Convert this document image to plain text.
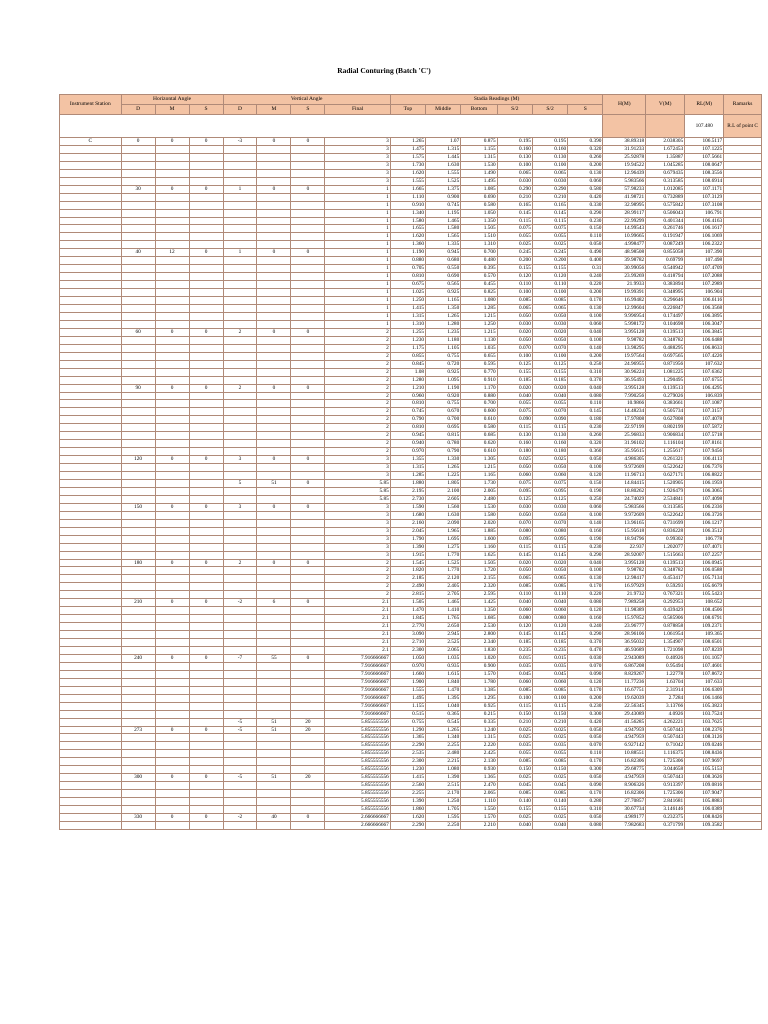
Radial Conturing (Batch 'C')
Instrument Station	Horizontal Angle			Vertical Angle				Stadia Readings (M)						H(M)	V(M)	RL(M)	Ramarks
	D	M	S	D	M	S	Final	Top	Middle	Bottom	S/2	S/2	S				
																107.480	R.L of point C
C	0	0	0	-3	0	0	3	1.265	1.07	0.875	0.195	0.195	0.390	38.89318	2.038305	106.5117	
							3	1.475	1.315	1.155	0.160	0.160	0.320	31.91233	1.672453	107.1225	
							3	1.575	1.445	1.315	0.130	0.130	0.260	25.92878	1.35887	107.5661	
							3	1.730	1.630	1.530	0.100	0.100	0.200	19.94522	1.045285	108.0647	
							3	1.620	1.555	1.490	0.065	0.065	0.130	12.96439	0.679435	108.3556	
							3	1.555	1.525	1.495	0.030	0.030	0.060	5.983566	0.313585	108.6914	
	30	0	0	1	0	0	1	1.665	1.375	1.085	0.290	0.290	0.580	57.98233	1.012085	107.1171	
							1	1.110	0.900	0.690	0.210	0.210	0.420	41.98721	0.732889	107.3129	
							1	0.910	0.745	0.580	0.165	0.165	0.330	32.98995	0.575842	107.3108	
							1	1.340	1.195	1.050	0.145	0.145	0.290	28.99117	0.506043	106.791	
							1	1.580	1.465	1.350	0.115	0.115	0.230	22.99299	0.401344	106.4163	
							1	1.655	1.580	1.505	0.075	0.075	0.150	14.99543	0.261746	106.1617	
							1	1.620	1.565	1.510	0.055	0.055	0.110	10.99665	0.191947	106.1069	
							1	1.360	1.335	1.310	0.025	0.025	0.050	4.998477	0.087249	106.2322	
	40	12	0	1	0	0	1	1.190	0.945	0.700	0.245	0.245	0.490	48.98508	0.855058	107.390	
							1	0.880	0.680	0.480	0.200	0.200	0.400	39.98782	0.69799	107.498	
							1	0.705	0.550	0.395	0.155	0.155	0.31	30.99056	0.540942	107.4709	
							1	0.810	0.690	0.570	0.120	0.120	0.240	23.99269	0.418794	107.2088	
							1	0.675	0.565	0.455	0.110	0.110	0.220	21.9933	0.383894	107.2989	
							1	1.025	0.925	0.825	0.100	0.100	0.200	19.99391	0.348995	106.904	
							1	1.250	1.165	1.080	0.085	0.085	0.170	16.99482	0.296646	106.6116	
							1	1.415	1.350	1.285	0.065	0.065	0.130	12.99604	0.226847	106.3568	
							1	1.315	1.265	1.215	0.050	0.050	0.100	9.996954	0.174497	106.3895	
							1	1.310	1.280	1.250	0.030	0.030	0.060	5.998172	0.104698	106.3047	
	60	0	0	2	0	0	2	1.255	1.235	1.215	0.020	0.020	0.040	3.995128	0.139513	106.3845	
							2	1.230	1.180	1.130	0.050	0.050	0.100	9.98782	0.348782	106.6488	
							2	1.175	1.105	1.035	0.070	0.070	0.140	13.98295	0.488295	106.8633	
							2	0.855	0.755	0.655	0.100	0.100	0.200	19.97564	0.697565	107.4226	
							2	0.845	0.720	0.595	0.125	0.125	0.250	24.96955	0.871956	107.632	
							2	1.08	0.925	0.770	0.155	0.155	0.310	30.96224	1.081225	107.6362	
							2	1.280	1.095	0.910	0.185	0.185	0.370	36.95493	1.290495	107.6755	
	90	0	0	2	0	0	2	1.210	1.190	1.170	0.020	0.020	0.040	3.995128	0.139513	106.4295	
							2	0.960	0.920	0.880	0.040	0.040	0.080	7.990256	0.279026	106.839	
							2	0.810	0.755	0.700	0.055	0.055	0.110	10.9866	0.383661	107.1087	
							2	0.745	0.670	0.600	0.075	0.070	0.145	14.48234	0.505734	107.3157	
							2	0.790	0.700	0.610	0.090	0.090	0.180	17.97808	0.627808	107.4078	
							2	0.810	0.695	0.580	0.115	0.115	0.230	22.97199	0.802199	107.5872	
							2	0.945	0.815	0.685	0.130	0.130	0.260	25.96833	0.906834	107.5718	
							2	0.940	0.780	0.620	0.160	0.160	0.320	31.96102	1.116104	107.8161	
							2	0.970	0.790	0.610	0.180	0.180	0.360	35.95615	1.255617	107.9456	
	120	0	0	3	0	0	3	1.355	1.330	1.305	0.025	0.025	0.050	4.986305	0.261321	106.4113	
							3	1.315	1.265	1.215	0.050	0.050	0.100	9.972609	0.522642	106.7376	
							3	1.285	1.225	1.165	0.060	0.060	0.120	11.96713	0.627171	106.8822	
				5	51	0	5.85	1.880	1.805	1.730	0.075	0.075	0.150	14.84415	1.520905	106.1959	
							5.85	2.195	2.100	2.005	0.095	0.095	0.190	18.80262	1.926479	106.3065	
							5.85	2.730	2.605	2.480	0.125	0.125	0.250	24.74029	2.534841	107.4098	
	150	0	0	3	0	0	3	1.590	1.560	1.530	0.030	0.030	0.060	5.983566	0.313585	106.2336	
							3	1.680	1.630	1.580	0.050	0.050	0.100	9.972609	0.522642	106.3726	
							3	2.160	2.090	2.020	0.070	0.070	0.140	13.96165	0.731699	106.1217	
							3	2.045	1.965	1.885	0.080	0.080	0.160	15.95618	0.836228	106.3512	
							3	1.790	1.695	1.600	0.095	0.095	0.190	18.94796	0.99302	106.778	
							3	1.390	1.275	1.160	0.115	0.115	0.230	22.937	1.202077	107.4071	
							3	1.915	1.770	1.625	0.145	0.145	0.290	28.92007	1.515663	107.2257	
	180	0	0	2	0	0	2	1.545	1.525	1.505	0.020	0.020	0.040	3.995128	0.139513	106.0945	
							2	1.820	1.770	1.720	0.050	0.050	0.100	9.98782	0.348782	106.0588	
							2	2.185	2.120	2.155	0.065	0.065	0.130	12.98417	0.453417	105.7134	
							2	2.490	2.405	2.320	0.085	0.085	0.170	16.97929	0.59293	105.6679	
							2	2.815	2.705	2.595	0.110	0.110	0.220	21.9732	0.767321	105.5423	
	210	0	0	-2	6	0	2.1	1.505	1.465	1.425	0.040	0.040	0.080	7.989258	0.292953	108.652	
							2.1	1.470	1.410	1.350	0.060	0.060	0.120	11.98389	0.439429	108.4506	
							2.1	1.845	1.765	1.685	0.080	0.080	0.160	15.97852	0.585906	108.6791	
							2.1	2.770	2.650	2.530	0.120	0.120	0.240	23.96777	0.878858	109.2371	
							2.1	3.090	2.945	2.800	0.145	0.145	0.290	28.96106	1.061954	109.365	
							2.1	2.710	2.525	2.340	0.185	0.185	0.370	36.95032	1.354907	108.6501	
							2.1	2.300	2.065	1.830	0.235	0.235	0.470	46.93689	1.721098	107.8239	
	240	0	0	-7	55	0	7.916666667	1.050	1.035	1.020	0.015	0.015	0.030	2.943089	0.40926	101.1057	
							7.916666667	0.970	0.935	0.900	0.035	0.035	0.070	6.867208	0.95494	107.4601	
							7.916666667	1.660	1.615	1.570	0.045	0.045	0.090	8.829267	1.22778	107.8672	
							7.916666667	1.900	1.840	1.780	0.060	0.060	0.120	11.77236	1.63704	107.633	
							7.916666667	1.555	1.470	1.385	0.085	0.085	0.170	16.67751	2.31914	106.6309	
							7.916666667	1.495	1.395	1.295	0.100	0.100	0.200	19.62039	2.7284	106.1466	
							7.916666667	1.155	1.040	0.925	0.115	0.115	0.230	22.56345	3.13766	105.3823	
							7.916666667	0.515	0.365	0.215	0.150	0.150	0.300	29.43089	4.0926	103.7524	
				-5	51	20	5.855555556	0.755	0.545	0.335	0.210	0.210	0.420	41.56285	4.262221	103.7625	
	273	0	0	-5	51	20	5.855555556	1.290	1.265	1.240	0.025	0.025	0.050	4.947959	0.507443	108.2376	
							5.855555556	1.365	1.340	1.315	0.025	0.025	0.050	4.947959	0.507443	108.3126	
							5.855555556	2.290	2.255	2.220	0.035	0.035	0.070	6.927142	0.71042	109.0246	
							5.855555556	2.535	2.480	2.425	0.055	0.055	0.110	10.88551	1.116375	108.8436	
							5.855555556	2.300	2.215	2.130	0.085	0.085	0.170	16.82306	1.725306	107.9697	
							5.855555556	1.230	1.080	0.930	0.150	0.150	0.300	29.68775	3.044658	105.5153	
	300	0	0	-5	51	20	5.855555556	1.415	1.390	1.365	0.025	0.025	0.050	4.947959	0.507443	108.3626	
							5.855555556	2.560	2.515	2.470	0.045	0.045	0.090	8.906326	0.913397	109.0816	
							5.855555556	2.255	2.170	2.065	0.085	0.085	0.170	16.82306	1.725306	107.9047	
							5.855555556	1.390	1.250	1.110	0.140	0.140	0.280	27.70857	2.841681	105.8883	
							5.855555556	1.860	1.705	1.550	0.155	0.155	0.310	30.67734	3.146146	106.0389	
	330	0	0	-2	40	0	2.666666667	1.620	1.595	1.570	0.025	0.025	0.050	4.989177	0.232375	108.8426	
							2.666666667	2.290	2.250	2.210	0.040	0.040	0.080	7.982683	0.371799	109.3582	
